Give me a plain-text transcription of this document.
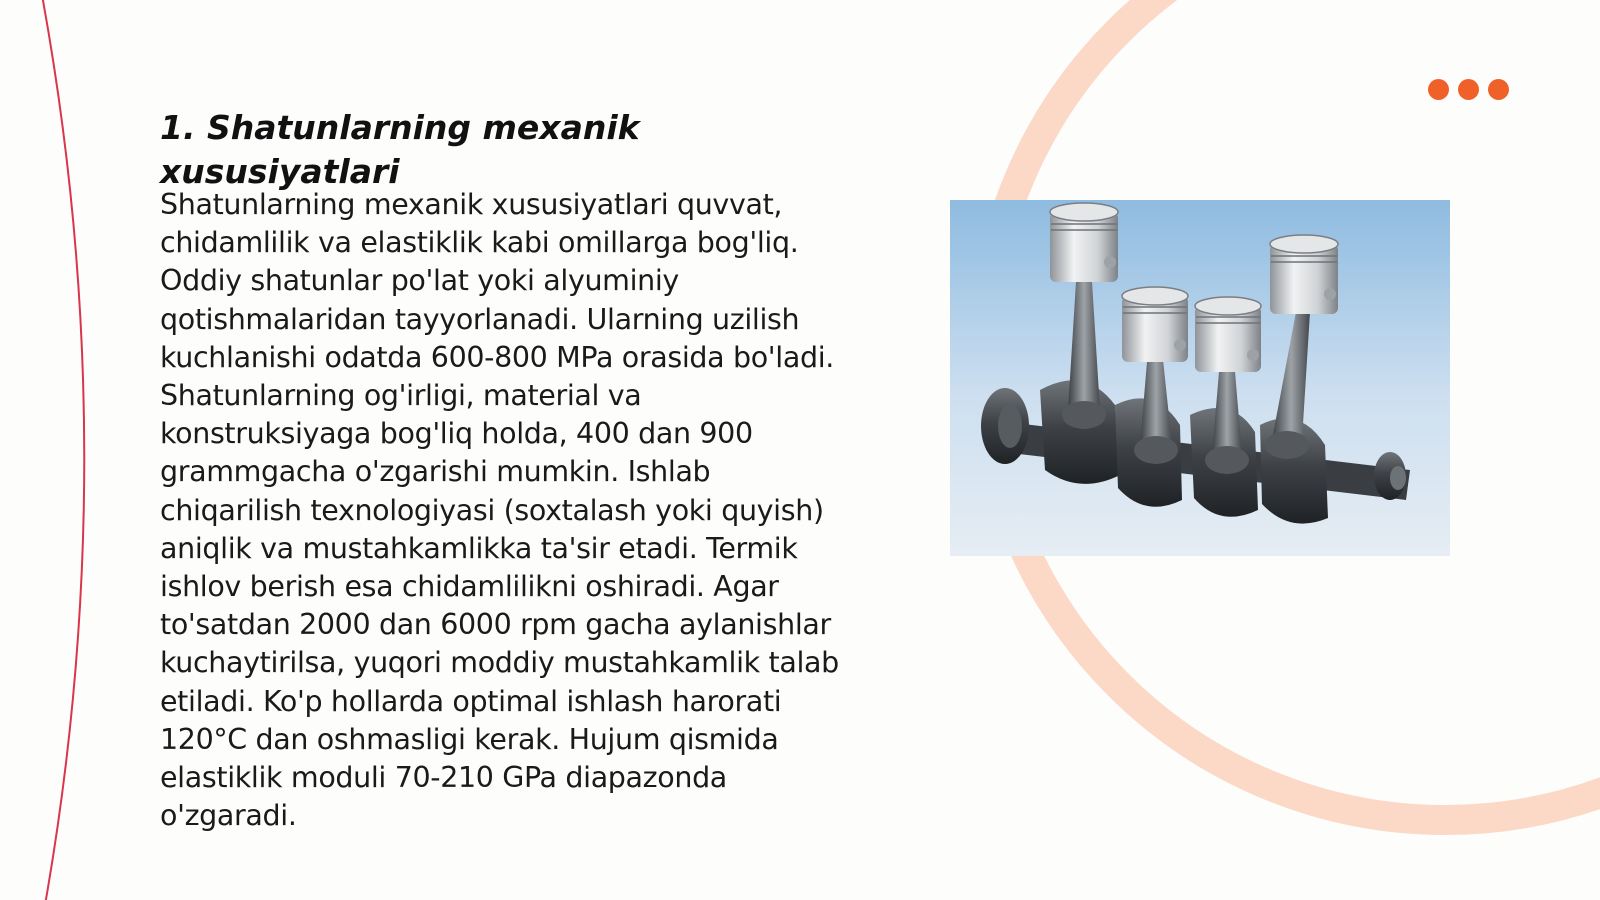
1. Shatunlarning mexanik xususiyatlari

Shatunlarning mexanik xususiyatlari quvvat, chidamlilik va elastiklik kabi omillarga bog'liq. Oddiy shatunlar po'lat yoki alyuminiy qotishmalaridan tayyorlanadi. Ularning uzilish kuchlanishi odatda 600-800 MPa orasida bo'ladi. Shatunlarning og'irligi, material va konstruksiyaga bog'liq holda, 400 dan 900 grammgacha o'zgarishi mumkin. Ishlab chiqarilish texnologiyasi (soxtalash yoki quyish) aniqlik va mustahkamlikka ta'sir etadi. Termik ishlov berish esa chidamlilikni oshiradi. Agar to'satdan 2000 dan 6000 rpm gacha aylanishlar kuchaytirilsa, yuqori moddiy mustahkamlik talab etiladi. Ko'p hollarda optimal ishlash harorati 120°C dan oshmasligi kerak. Hujum qismida elastiklik moduli 70-210 GPa diapazonda o'zgaradi.
